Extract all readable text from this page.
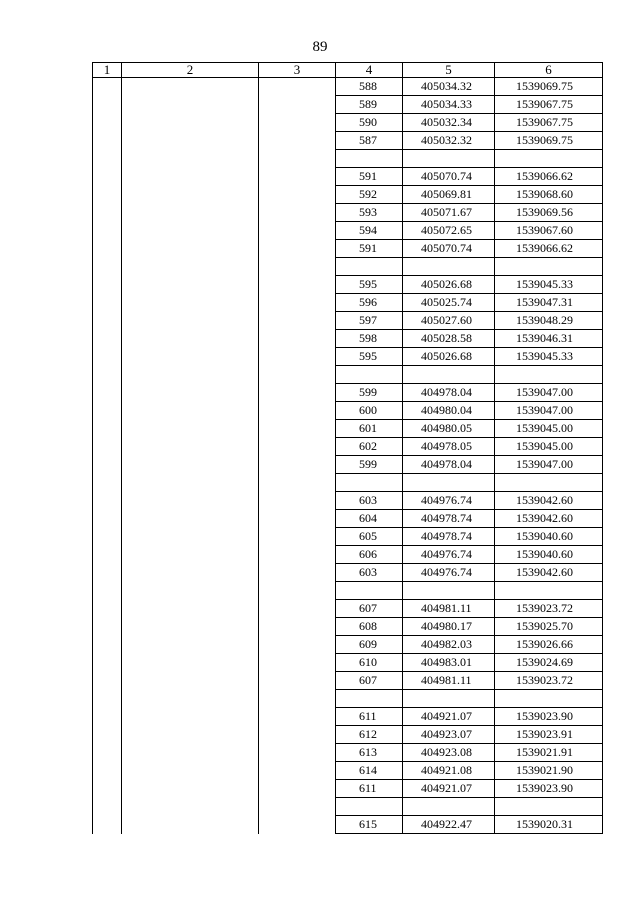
89
1	2	3	4	5	6
			588	405034.32	1539069.75
			589	405034.33	1539067.75
			590	405032.34	1539067.75
			587	405032.32	1539069.75

			591	405070.74	1539066.62
			592	405069.81	1539068.60
			593	405071.67	1539069.56
			594	405072.65	1539067.60
			591	405070.74	1539066.62

			595	405026.68	1539045.33
			596	405025.74	1539047.31
			597	405027.60	1539048.29
			598	405028.58	1539046.31
			595	405026.68	1539045.33

			599	404978.04	1539047.00
			600	404980.04	1539047.00
			601	404980.05	1539045.00
			602	404978.05	1539045.00
			599	404978.04	1539047.00

			603	404976.74	1539042.60
			604	404978.74	1539042.60
			605	404978.74	1539040.60
			606	404976.74	1539040.60
			603	404976.74	1539042.60

			607	404981.11	1539023.72
			608	404980.17	1539025.70
			609	404982.03	1539026.66
			610	404983.01	1539024.69
			607	404981.11	1539023.72

			611	404921.07	1539023.90
			612	404923.07	1539023.91
			613	404923.08	1539021.91
			614	404921.08	1539021.90
			611	404921.07	1539023.90

			615	404922.47	1539020.31
